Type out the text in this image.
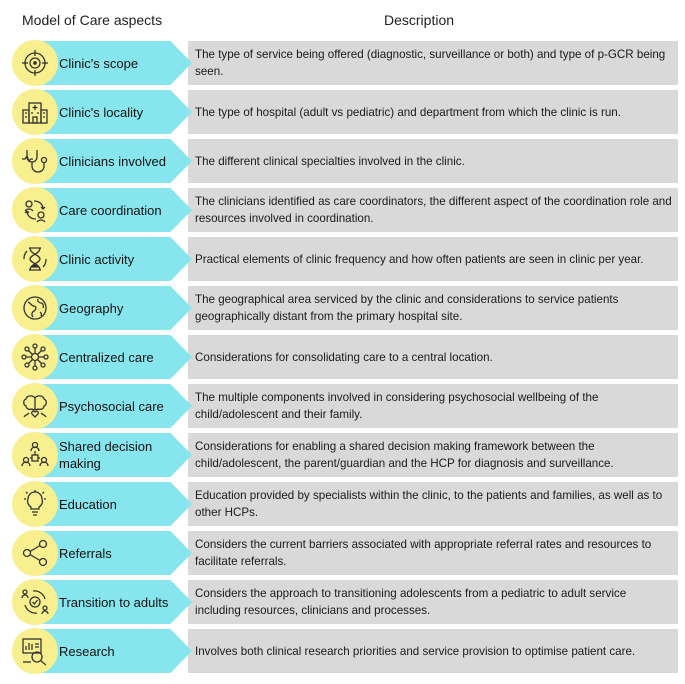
Model of Care aspects	Description
The type of service being offered (diagnostic, surveillance or both) and type of p-GCR being seen.
Clinic's scope
The type of hospital (adult vs pediatric) and department from which the clinic is run.
Clinic's locality
The different clinical specialties involved in the clinic.
Clinicians involved
The clinicians identified as care coordinators, the different aspect of the coordination role and resources involved in coordination.
Care coordination
Practical elements of clinic frequency and how often patients are seen in clinic per year.
Clinic activity
The geographical area serviced by the clinic and considerations to service patients geographically distant from the primary hospital site.
Geography
Considerations for consolidating care to a central location.
Centralized care
The multiple components involved in considering psychosocial wellbeing of the child/adolescent and their family.
Psychosocial care
Considerations for enabling a shared decision making framework between the child/adolescent, the parent/guardian and the HCP for diagnosis and surveillance.
Shared decision making
Education provided by specialists within the clinic, to the patients and families, as well as to other HCPs.
Education
Considers the current barriers associated with appropriate referral rates and resources to facilitate referrals.
Referrals
Considers the approach to transitioning adolescents from a pediatric to adult service including resources, clinicians and processes.
Transition to adults
Involves both clinical research priorities and service provision to optimise patient care.
Research
